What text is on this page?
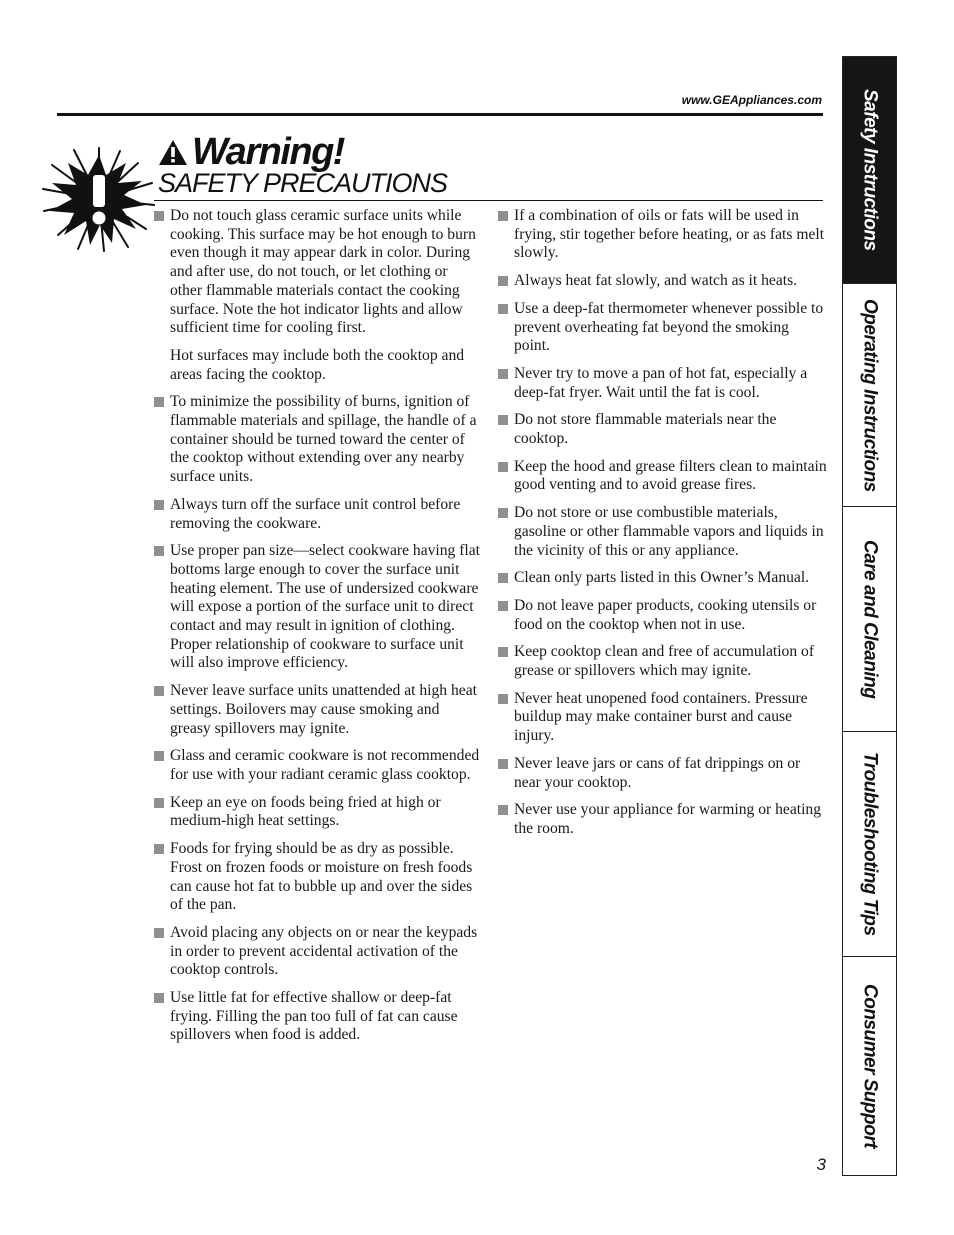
www.GEAppliances.com
Warning!
SAFETY PRECAUTIONS

Do not touch glass ceramic surface units while cooking. This surface may be hot enough to burn even though it may appear dark in color. During and after use, do not touch, or let clothing or other flammable materials contact the cooking surface. Note the hot indicator lights and allow sufficient time for cooling first.

Hot surfaces may include both the cooktop and areas facing the cooktop.

To minimize the possibility of burns, ignition of flammable materials and spillage, the handle of a container should be turned toward the center of the cooktop without extending over any nearby surface units.

Always turn off the surface unit control before removing the cookware.

Use proper pan size—select cookware having flat bottoms large enough to cover the surface unit heating element. The use of undersized cookware will expose a portion of the surface unit to direct contact and may result in ignition of clothing. Proper relationship of cookware to surface unit will also improve efficiency.

Never leave surface units unattended at high heat settings. Boilovers may cause smoking and greasy spillovers may ignite.

Glass and ceramic cookware is not recommended for use with your radiant ceramic glass cooktop.

Keep an eye on foods being fried at high or medium-high heat settings.

Foods for frying should be as dry as possible. Frost on frozen foods or moisture on fresh foods can cause hot fat to bubble up and over the sides of the pan.

Avoid placing any objects on or near the keypads in order to prevent accidental activation of the cooktop controls.

Use little fat for effective shallow or deep-fat frying. Filling the pan too full of fat can cause spillovers when food is added.

If a combination of oils or fats will be used in frying, stir together before heating, or as fats melt slowly.

Always heat fat slowly, and watch as it heats.

Use a deep-fat thermometer whenever possible to prevent overheating fat beyond the smoking point.

Never try to move a pan of hot fat, especially a deep-fat fryer. Wait until the fat is cool.

Do not store flammable materials near the cooktop.

Keep the hood and grease filters clean to maintain good venting and to avoid grease fires.

Do not store or use combustible materials, gasoline or other flammable vapors and liquids in the vicinity of this or any appliance.

Clean only parts listed in this Owner’s Manual.

Do not leave paper products, cooking utensils or food on the cooktop when not in use.

Keep cooktop clean and free of accumulation of grease or spillovers which may ignite.

Never heat unopened food containers. Pressure buildup may make container burst and cause injury.

Never leave jars or cans of fat drippings on or near your cooktop.

Never use your appliance for warming or heating the room.

Safety Instructions
Operating Instructions
Care and Cleaning
Troubleshooting Tips
Consumer Support
3
